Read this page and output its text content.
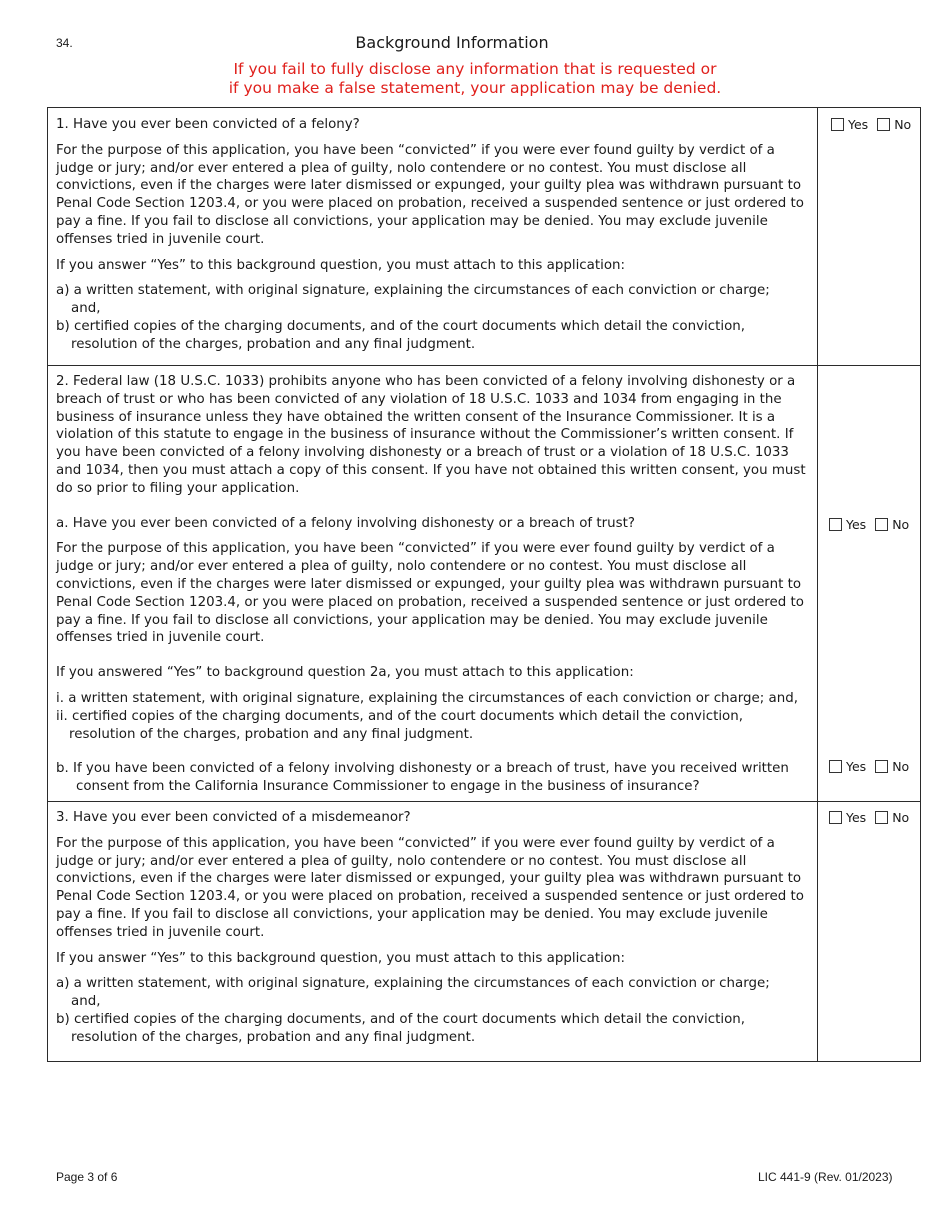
34.	Background Information
If you fail to fully disclose any information that is requested or
if you make a false statement, your application may be denied.

1. Have you ever been convicted of a felony?

For the purpose of this application, you have been “convicted” if you were ever found guilty by verdict of a judge or jury; and/or ever entered a plea of guilty, nolo contendere or no contest. You must disclose all convictions, even if the charges were later dismissed or expunged, your guilty plea was withdrawn pursuant to Penal Code Section 1203.4, or you were placed on probation, received a suspended sentence or just ordered to pay a fine. If you fail to disclose all convictions, your application may be denied. You may exclude juvenile offenses tried in juvenile court.

If you answer “Yes” to this background question, you must attach to this application:

a) a written statement, with original signature, explaining the circumstances of each conviction or charge;

and,

b) certified copies of the charging documents, and of the court documents which detail the conviction,

resolution of the charges, probation and any final judgment.

Yes No

2. Federal law (18 U.S.C. 1033) prohibits anyone who has been convicted of a felony involving dishonesty or a breach of trust or who has been convicted of any violation of 18 U.S.C. 1033 and 1034 from engaging in the business of insurance unless they have obtained the written consent of the Insurance Commissioner. It is a violation of this statute to engage in the business of insurance without the Commissioner’s written consent. If you have been convicted of a felony involving dishonesty or a breach of trust or a violation of 18 U.S.C. 1033 and 1034, then you must attach a copy of this consent. If you have not obtained this written consent, you must do so prior to filing your application.

a. Have you ever been convicted of a felony involving dishonesty or a breach of trust?

For the purpose of this application, you have been “convicted” if you were ever found guilty by verdict of a judge or jury; and/or ever entered a plea of guilty, nolo contendere or no contest. You must disclose all convictions, even if the charges were later dismissed or expunged, your guilty plea was withdrawn pursuant to Penal Code Section 1203.4, or you were placed on probation, received a suspended sentence or just ordered to pay a fine. If you fail to disclose all convictions, your application may be denied. You may exclude juvenile offenses tried in juvenile court.

If you answered “Yes” to background question 2a, you must attach to this application:

i. a written statement, with original signature, explaining the circumstances of each conviction or charge; and,

ii. certified copies of the charging documents, and of the court documents which detail the conviction,

resolution of the charges, probation and any final judgment.

b. If you have been convicted of a felony involving dishonesty or a breach of trust, have you received written consent from the California Insurance Commissioner to engage in the business of insurance?

Yes No
Yes No

3. Have you ever been convicted of a misdemeanor?

For the purpose of this application, you have been “convicted” if you were ever found guilty by verdict of a judge or jury; and/or ever entered a plea of guilty, nolo contendere or no contest. You must disclose all convictions, even if the charges were later dismissed or expunged, your guilty plea was withdrawn pursuant to Penal Code Section 1203.4, or you were placed on probation, received a suspended sentence or just ordered to pay a fine. If you fail to disclose all convictions, your application may be denied. You may exclude juvenile offenses tried in juvenile court.

If you answer “Yes” to this background question, you must attach to this application:

a) a written statement, with original signature, explaining the circumstances of each conviction or charge;

and,

b) certified copies of the charging documents, and of the court documents which detail the conviction,

resolution of the charges, probation and any final judgment.

Yes No
Page 3 of 6	LIC 441-9 (Rev. 01/2023)
